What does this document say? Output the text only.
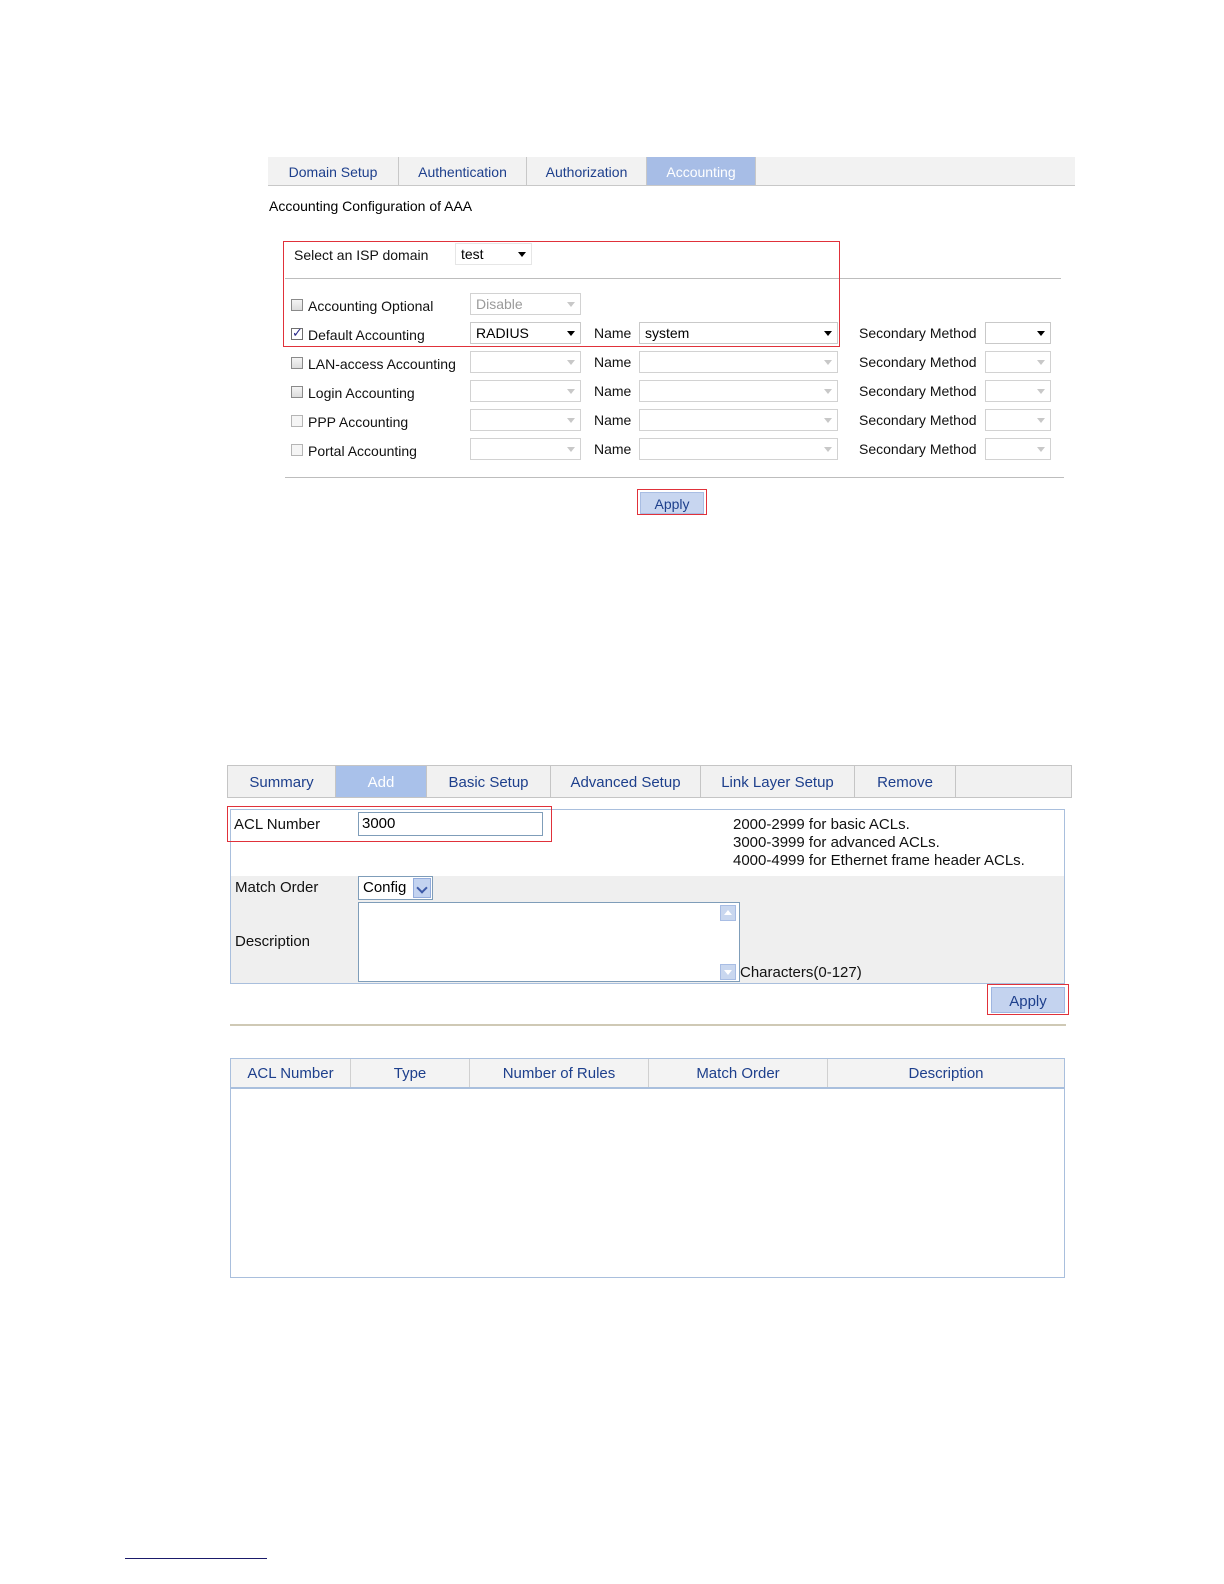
Domain Setup	Authentication	Authorization	Accounting
Accounting Configuration of AAA
Select an ISP domain	test
Accounting Optional	Disable
✓
Default Accounting	RADIUS	Name system	Secondary Method
LAN-access Accounting	Name	Secondary Method
Login Accounting	Name	Secondary Method
PPP Accounting	Name	Secondary Method
Portal Accounting	Name	Secondary Method
Apply
Summary	Add	Basic Setup	Advanced Setup	Link Layer Setup	Remove
ACL Number	3000	2000-2999 for basic ACLs.
3000-3999 for advanced ACLs.
4000-4999 for Ethernet frame header ACLs.
Match Order	Config
Description
Characters(0-127)
Apply
ACL Number	Type	Number of Rules	Match Order	Description
